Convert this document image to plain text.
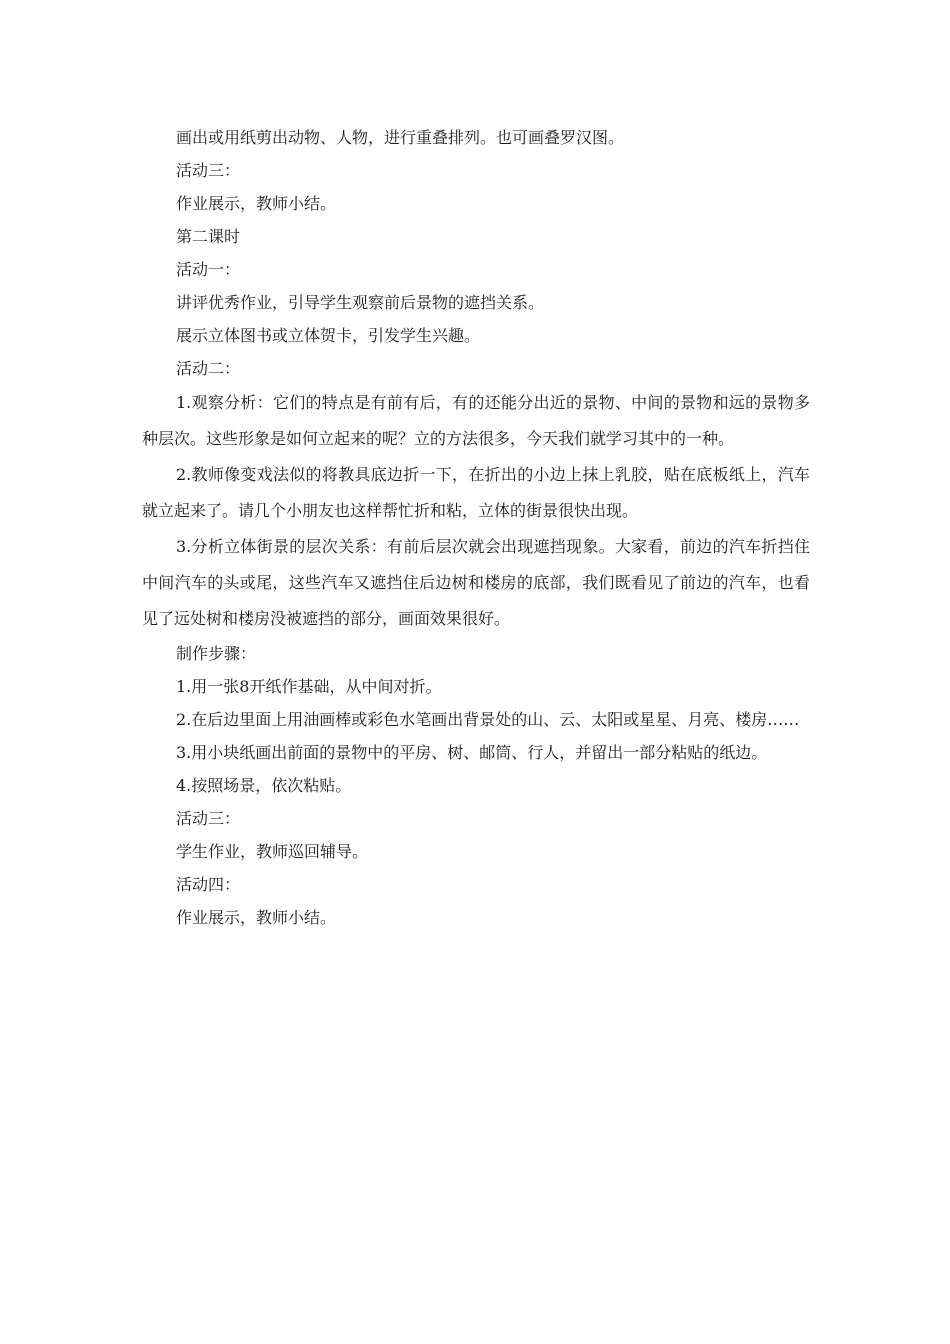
画出或用纸剪出动物、人物，进行重叠排列。也可画叠罗汉图。

活动三：

作业展示，教师小结。

第二课时

活动一：

讲评优秀作业，引导学生观察前后景物的遮挡关系。

展示立体图书或立体贺卡，引发学生兴趣。

活动二：

1.观察分析：它们的特点是有前有后，有的还能分出近的景物、中间的景物和远的景物多种层次。这些形象是如何立起来的呢？立的方法很多，今天我们就学习其中的一种。

2.教师像变戏法似的将教具底边折一下，在折出的小边上抹上乳胶，贴在底板纸上，汽车就立起来了。请几个小朋友也这样帮忙折和粘，立体的街景很快出现。

3.分析立体街景的层次关系：有前后层次就会出现遮挡现象。大家看，前边的汽车折挡住中间汽车的头或尾，这些汽车又遮挡住后边树和楼房的底部，我们既看见了前边的汽车，也看见了远处树和楼房没被遮挡的部分，画面效果很好。

制作步骤：

1.用一张8开纸作基础，从中间对折。

2.在后边里面上用油画棒或彩色水笔画出背景处的山、云、太阳或星星、月亮、楼房……

3.用小块纸画出前面的景物中的平房、树、邮筒、行人，并留出一部分粘贴的纸边。

4.按照场景，依次粘贴。

活动三：

学生作业，教师巡回辅导。

活动四：

作业展示，教师小结。
